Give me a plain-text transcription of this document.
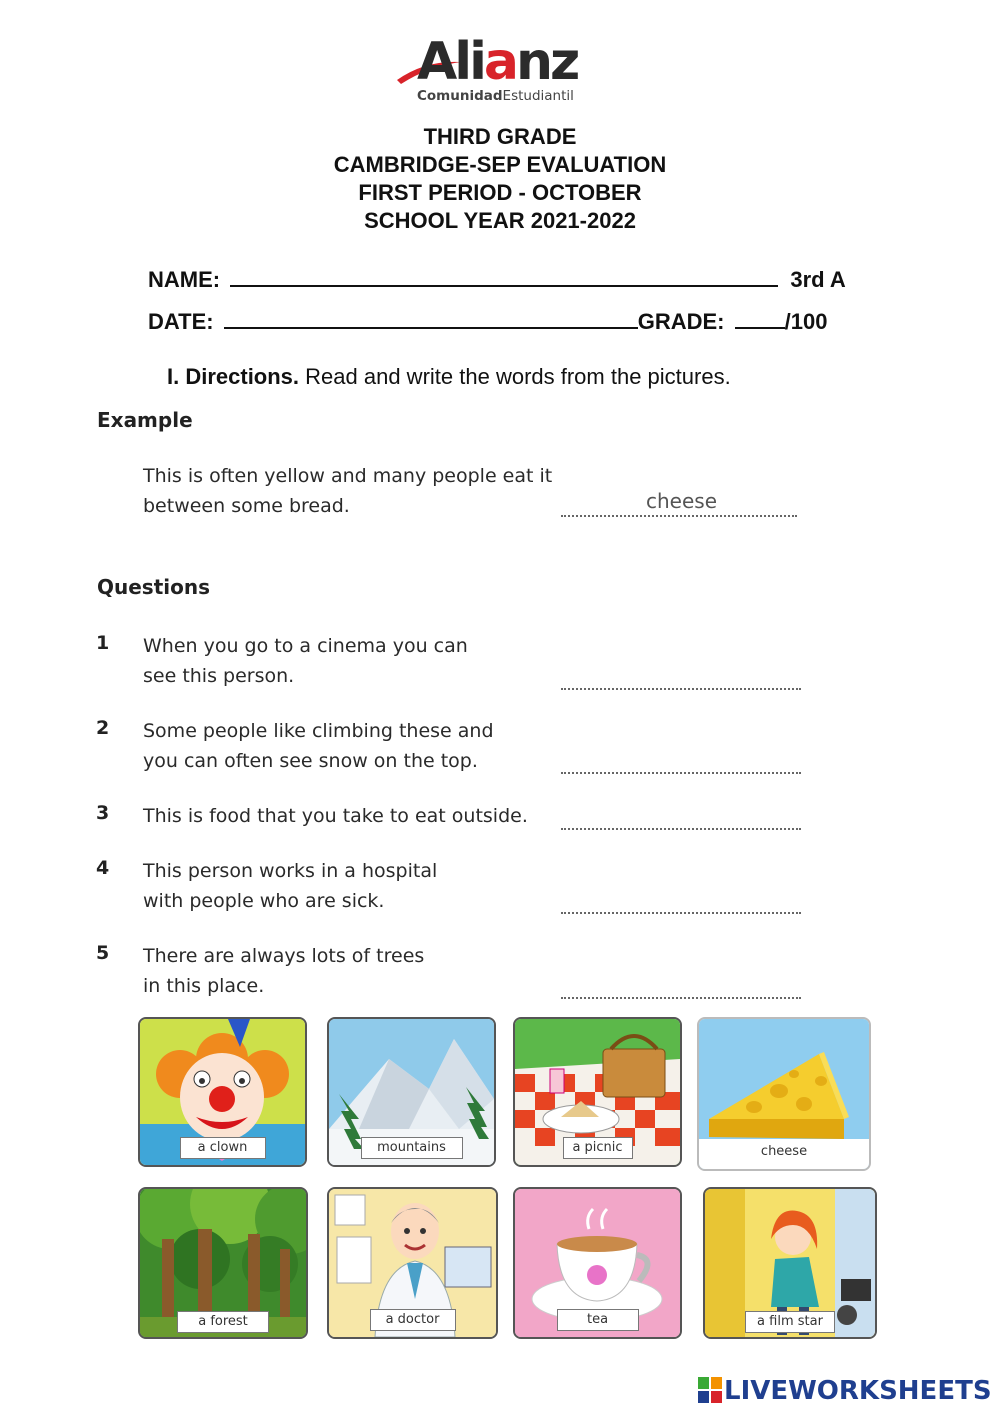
Alianz
ComunidadEstudiantil
THIRD GRADE
CAMBRIDGE-SEP EVALUATION
FIRST PERIOD - OCTOBER
SCHOOL YEAR 2021-2022
NAME:	3rd A
DATE:	GRADE:	/100
I. Directions. Read and write the words from the pictures.
Example
This is often yellow and many people eat it
between some bread.	cheese
Questions
1 When you go to a cinema you can
see this person.
2 Some people like climbing these and
you can often see snow on the top.
3 This is food that you take to eat outside.
4 This person works in a hospital
with people who are sick.
5 There are always lots of trees
in this place.
a clown	mountains	a picnic	cheese
a forest	a doctor	tea	a film star
LIVEWORKSHEETS
